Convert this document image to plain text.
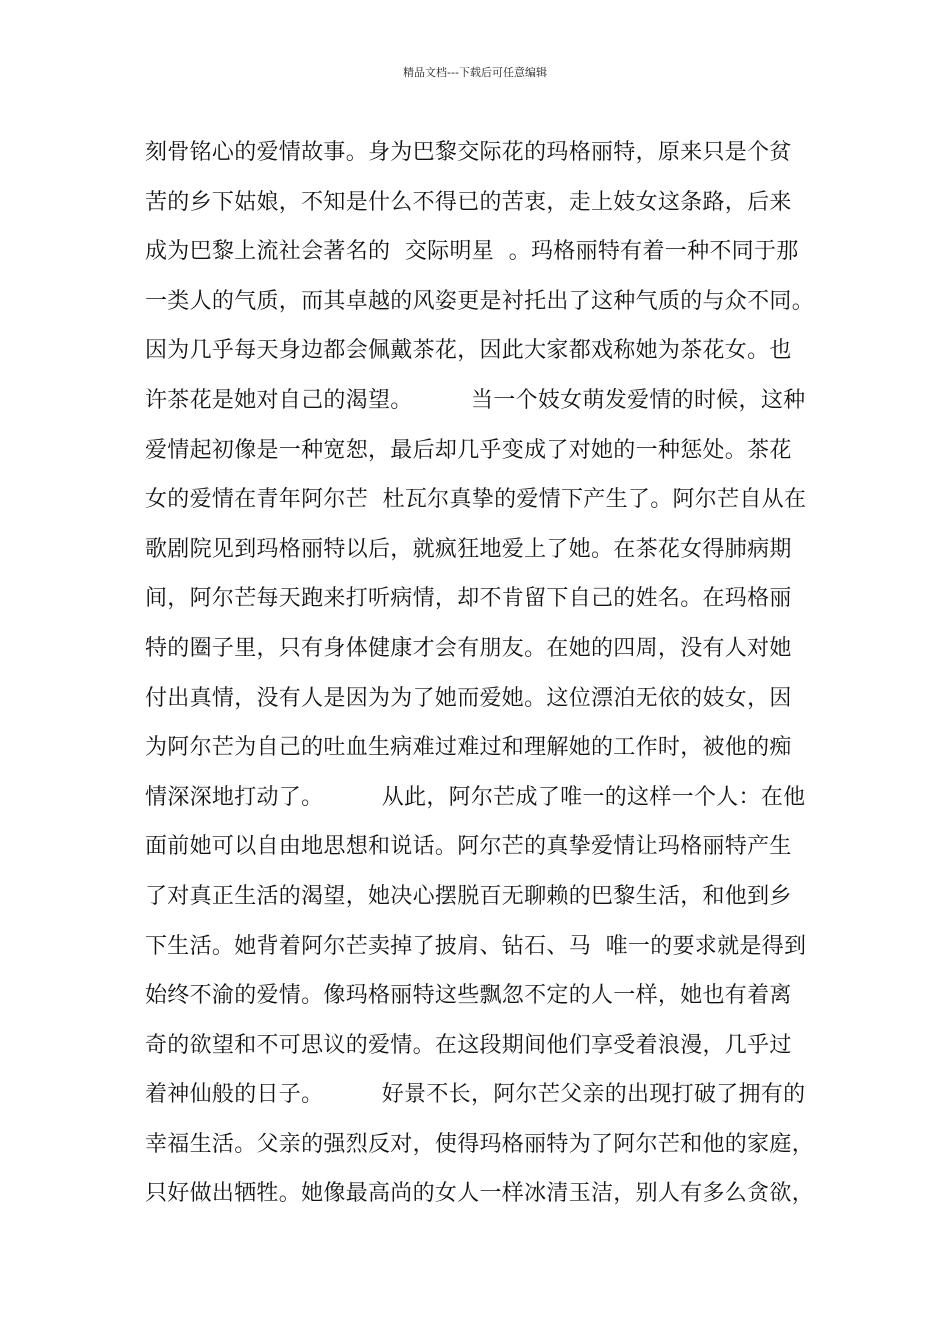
精品文档---下载后可任意编辑
刻骨铭心的爱情故事。身为巴黎交际花的玛格丽特，原来只是个贫
苦的乡下姑娘，不知是什么不得已的苦衷，走上妓女这条路，后来
成为巴黎上流社会著名的  交际明星  。玛格丽特有着一种不同于那
一类人的气质，而其卓越的风姿更是衬托出了这种气质的与众不同。
因为几乎每天身边都会佩戴茶花，因此大家都戏称她为茶花女。也
许茶花是她对自己的渴望。        当一个妓女萌发爱情的时候，这种
爱情起初像是一种宽恕，最后却几乎变成了对她的一种惩处。茶花
女的爱情在青年阿尔芒  杜瓦尔真挚的爱情下产生了。阿尔芒自从在
歌剧院见到玛格丽特以后，就疯狂地爱上了她。在茶花女得肺病期
间，阿尔芒每天跑来打听病情，却不肯留下自己的姓名。在玛格丽
特的圈子里，只有身体健康才会有朋友。在她的四周，没有人对她
付出真情，没有人是因为为了她而爱她。这位漂泊无依的妓女，因
为阿尔芒为自己的吐血生病难过难过和理解她的工作时，被他的痴
情深深地打动了。        从此，阿尔芒成了唯一的这样一个人：在他
面前她可以自由地思想和说话。阿尔芒的真挚爱情让玛格丽特产生
了对真正生活的渴望，她决心摆脱百无聊赖的巴黎生活，和他到乡
下生活。她背着阿尔芒卖掉了披肩、钻石、马  唯一的要求就是得到
始终不渝的爱情。像玛格丽特这些飘忽不定的人一样，她也有着离
奇的欲望和不可思议的爱情。在这段期间他们享受着浪漫，几乎过
着神仙般的日子。        好景不长，阿尔芒父亲的出现打破了拥有的
幸福生活。父亲的强烈反对，使得玛格丽特为了阿尔芒和他的家庭，
只好做出牺牲。她像最高尚的女人一样冰清玉洁，别人有多么贪欲，
